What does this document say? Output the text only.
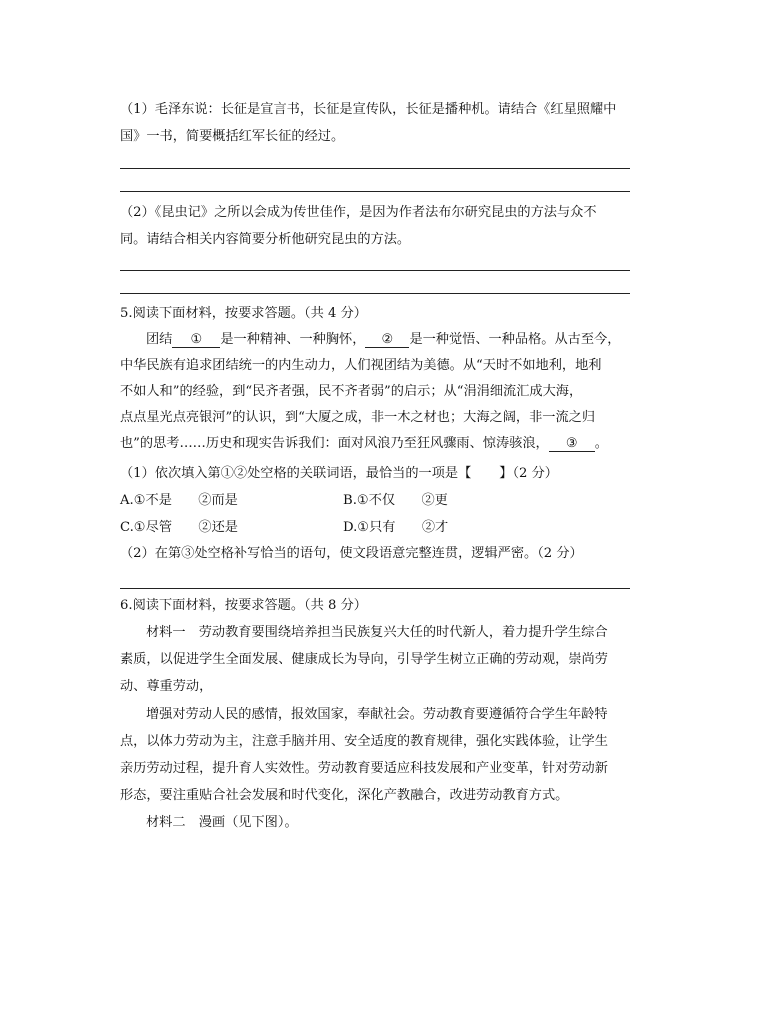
（1）毛泽东说：长征是宣言书，长征是宣传队，长征是播种机。请结合《红星照耀中
国》一书，简要概括红军长征的经过。
（2）《昆虫记》之所以会成为传世佳作，是因为作者法布尔研究昆虫的方法与众不
同。请结合相关内容简要分析他研究昆虫的方法。
5.阅读下面材料，按要求答题。（共 4 分）
团结 ① 是一种精神、一种胸怀， ② 是一种觉悟、一种品格。从古至今，
中华民族有追求团结统一的内生动力，人们视团结为美德。从“天时不如地利，地利
不如人和”的经验，到“民齐者强，民不齐者弱”的启示；从“涓涓细流汇成大海，
点点星光点亮银河”的认识，到“大厦之成，非一木之材也；大海之阔，非一流之归
也”的思考……历史和现实告诉我们：面对风浪乃至狂风骤雨、惊涛骇浪， ③ 。
（1）依次填入第①②处空格的关联词语，最恰当的一项是【 】（2 分）
A.①不是　　②而是	B.①不仅　　②更
C.①尽管　　②还是	D.①只有　　②才
（2）在第③处空格补写恰当的语句，使文段语意完整连贯，逻辑严密。（2 分）
6.阅读下面材料，按要求答题。（共 8 分）
材料一　劳动教育要围绕培养担当民族复兴大任的时代新人，着力提升学生综合
素质，以促进学生全面发展、健康成长为导向，引导学生树立正确的劳动观，崇尚劳
动、尊重劳动，
增强对劳动人民的感情，报效国家，奉献社会。劳动教育要遵循符合学生年龄特
点，以体力劳动为主，注意手脑并用、安全适度的教育规律，强化实践体验，让学生
亲历劳动过程，提升育人实效性。劳动教育要适应科技发展和产业变革，针对劳动新
形态，要注重贴合社会发展和时代变化，深化产教融合，改进劳动教育方式。
材料二　漫画（见下图）。
